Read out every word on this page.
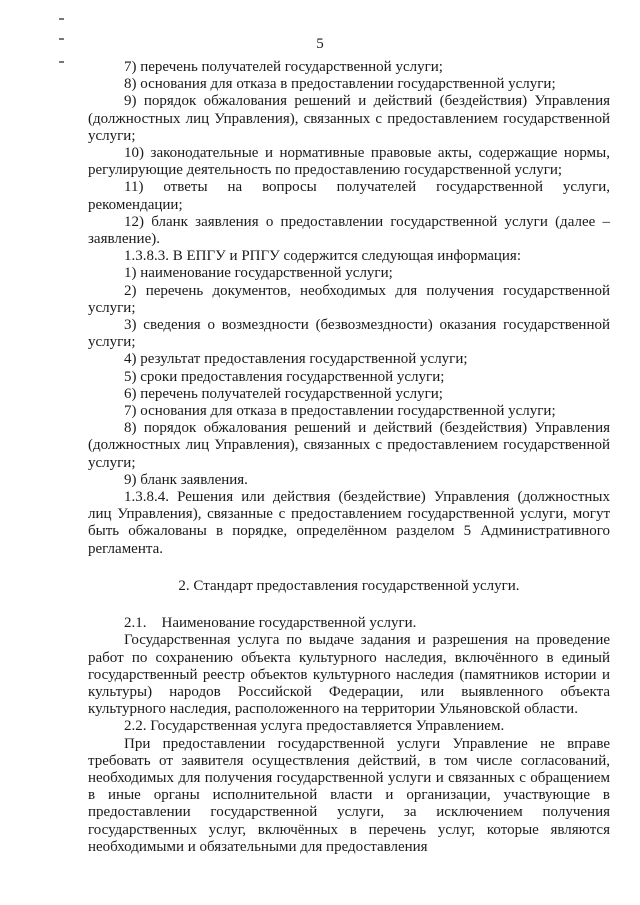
5

7) перечень получателей государственной услуги;

8) основания для отказа в предоставлении государственной услуги;

9) порядок обжалования решений и действий (бездействия) Управления (должностных лиц Управления), связанных с предоставлением государственной услуги;

10) законодательные и нормативные правовые акты, содержащие нормы, регулирующие деятельность по предоставлению государственной услуги;

11) ответы на вопросы получателей государственной услуги, рекомендации;

12) бланк заявления о предоставлении государственной услуги (далее – заявление).

1.3.8.3. В ЕПГУ и РПГУ содержится следующая информация:

1) наименование государственной услуги;

2) перечень документов, необходимых для получения государственной услуги;

3) сведения о возмездности (безвозмездности) оказания государственной услуги;

4) результат предоставления государственной услуги;

5) сроки предоставления государственной услуги;

6) перечень получателей государственной услуги;

7) основания для отказа в предоставлении государственной услуги;

8) порядок обжалования решений и действий (бездействия) Управления (должностных лиц Управления), связанных с предоставлением государственной услуги;

9) бланк заявления.

1.3.8.4. Решения или действия (бездействие) Управления (должностных лиц Управления), связанные с предоставлением государственной услуги, могут быть обжалованы в порядке, определённом разделом 5 Административного регламента.

2. Стандарт предоставления государственной услуги.

2.1.    Наименование государственной услуги.

Государственная услуга по выдаче задания и разрешения на проведение работ по сохранению объекта культурного наследия, включённого в единый государственный реестр объектов культурного наследия (памятников истории и культуры) народов Российской Федерации, или выявленного объекта культурного наследия, расположенного на территории Ульяновской области.

2.2. Государственная услуга предоставляется Управлением.

При предоставлении государственной услуги Управление не вправе требовать от заявителя осуществления действий, в том числе согласований, необходимых для получения государственной услуги и связанных с обращением в иные органы исполнительной власти и организации, участвующие в предоставлении государственной услуги, за исключением получения государственных услуг, включённых в перечень услуг, которые являются необходимыми и обязательными для предоставления
